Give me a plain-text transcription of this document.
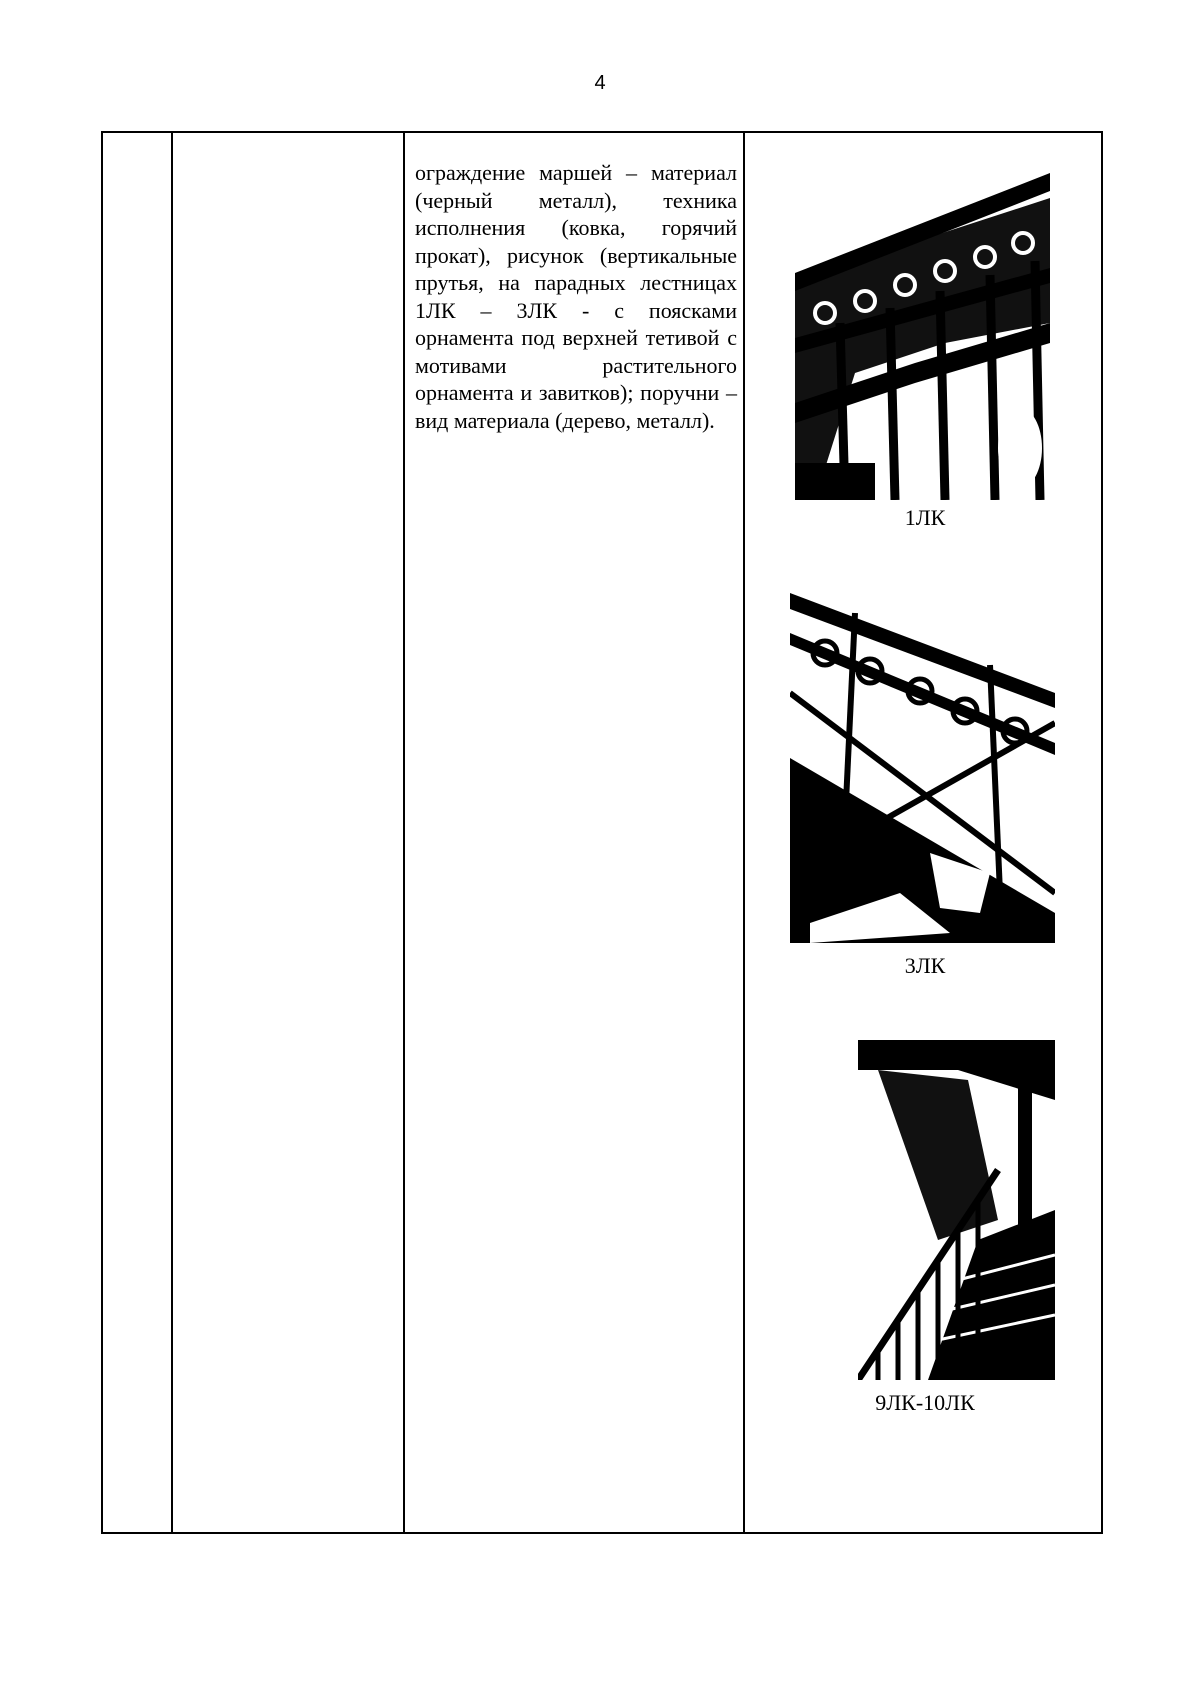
4
ограждение маршей – материал (черный металл), техника исполнения (ковка, горячий прокат), рисунок (вертикальные прутья, на парадных лестницах 1ЛК – 3ЛК - с поясками орнамента под верхней тетивой с мотивами растительного орнамента и завитков); поручни – вид материала (дерево, металл).
1ЛК
3ЛК
9ЛК-10ЛК
